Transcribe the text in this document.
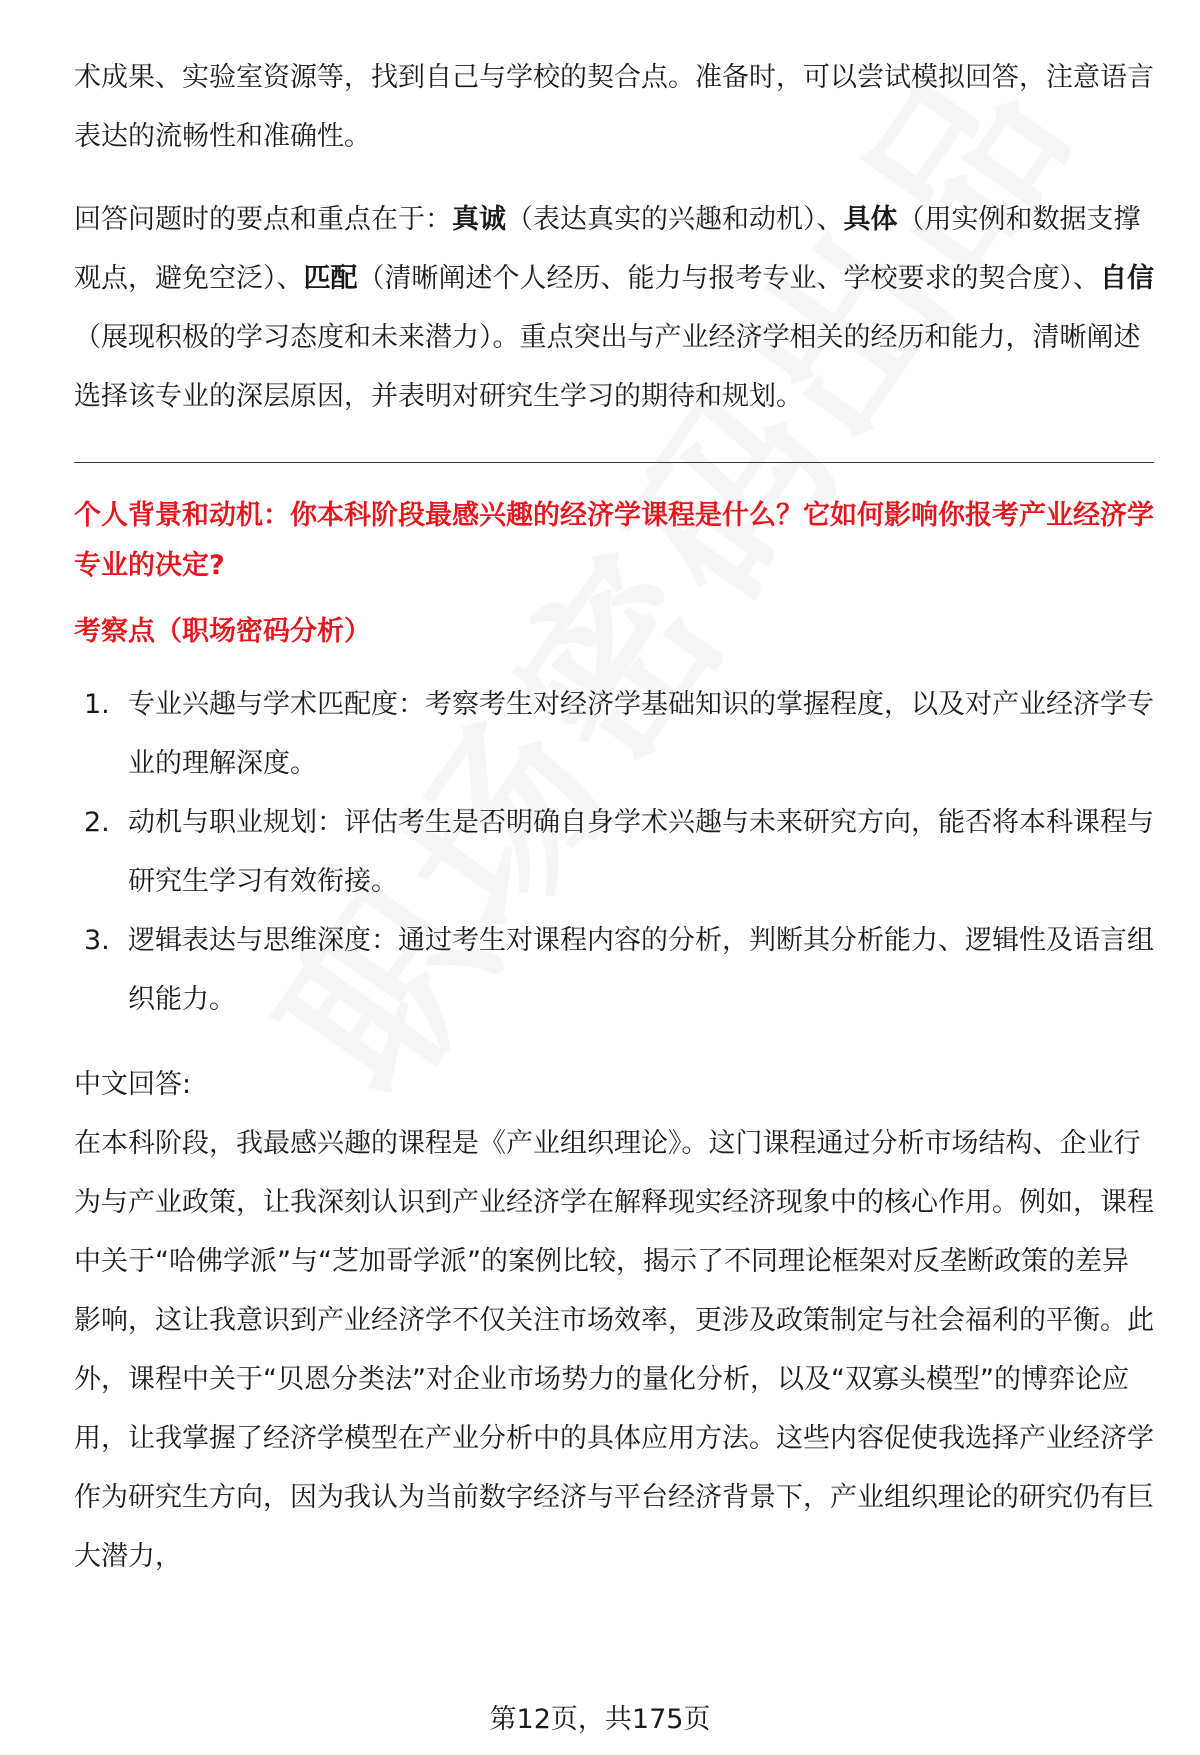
术成果、实验室资源等，找到自己与学校的契合点。准备时，可以尝试模拟回答，注意语言表达的流畅性和准确性。

回答问题时的要点和重点在于：真诚（表达真实的兴趣和动机）、具体（用实例和数据支撑观点，避免空泛）、匹配（清晰阐述个人经历、能力与报考专业、学校要求的契合度）、自信（展现积极的学习态度和未来潜力）。重点突出与产业经济学相关的经历和能力，清晰阐述选择该专业的深层原因，并表明对研究生学习的期待和规划。

个人背景和动机：你本科阶段最感兴趣的经济学课程是什么？它如何影响你报考产业经济学专业的决定?
考察点（职场密码分析）
1. 专业兴趣与学术匹配度：考察考生对经济学基础知识的掌握程度，以及对产业经济学专业的理解深度。
2. 动机与职业规划：评估考生是否明确自身学术兴趣与未来研究方向，能否将本科课程与研究生学习有效衔接。
3. 逻辑表达与思维深度：通过考生对课程内容的分析，判断其分析能力、逻辑性及语言组织能力。

中文回答:

在本科阶段，我最感兴趣的课程是《产业组织理论》。这门课程通过分析市场结构、企业行为与产业政策，让我深刻认识到产业经济学在解释现实经济现象中的核心作用。例如，课程中关于“哈佛学派”与“芝加哥学派”的案例比较，揭示了不同理论框架对反垄断政策的差异影响，这让我意识到产业经济学不仅关注市场效率，更涉及政策制定与社会福利的平衡。此外，课程中关于“贝恩分类法”对企业市场势力的量化分析，以及“双寡头模型”的博弈论应用，让我掌握了经济学模型在产业分析中的具体应用方法。这些内容促使我选择产业经济学作为研究生方向，因为我认为当前数字经济与平台经济背景下，产业组织理论的研究仍有巨大潜力，

第12页，共175页
